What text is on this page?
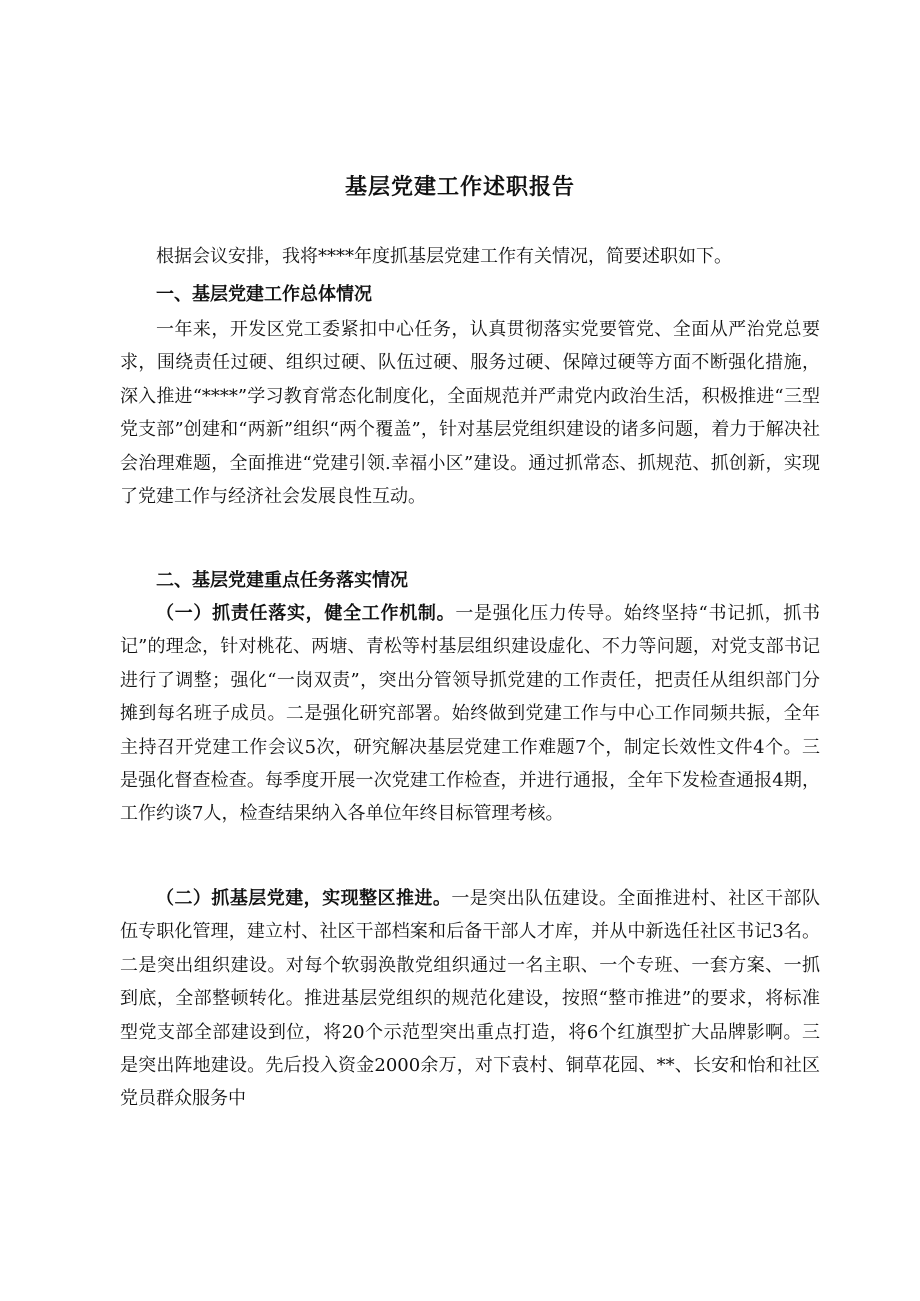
基层党建工作述职报告
根据会议安排，我将****年度抓基层党建工作有关情况，简要述职如下。
一、基层党建工作总体情况
一年来，开发区党工委紧扣中心任务，认真贯彻落实党要管党、全面从严治党总要求，围绕责任过硬、组织过硬、队伍过硬、服务过硬、保障过硬等方面不断强化措施，深入推进“****”学习教育常态化制度化，全面规范并严肃党内政治生活，积极推进“三型党支部”创建和“两新”组织“两个覆盖”，针对基层党组织建设的诸多问题，着力于解决社会治理难题，全面推进“党建引领.幸福小区”建设。通过抓常态、抓规范、抓创新，实现了党建工作与经济社会发展良性互动。
二、基层党建重点任务落实情况
（一）抓责任落实，健全工作机制。一是强化压力传导。始终坚持“书记抓，抓书记”的理念，针对桃花、两塘、青松等村基层组织建设虚化、不力等问题，对党支部书记进行了调整；强化“一岗双责”，突出分管领导抓党建的工作责任，把责任从组织部门分摊到每名班子成员。二是强化研究部署。始终做到党建工作与中心工作同频共振，全年主持召开党建工作会议5次，研究解决基层党建工作难题7个，制定长效性文件4个。三是强化督查检查。每季度开展一次党建工作检查，并进行通报，全年下发检查通报4期，工作约谈7人，检查结果纳入各单位年终目标管理考核。
（二）抓基层党建，实现整区推进。一是突出队伍建设。全面推进村、社区干部队伍专职化管理，建立村、社区干部档案和后备干部人才库，并从中新选任社区书记3名。二是突出组织建设。对每个软弱涣散党组织通过一名主职、一个专班、一套方案、一抓到底，全部整顿转化。推进基层党组织的规范化建设，按照“整市推进”的要求，将标准型党支部全部建设到位，将20个示范型突出重点打造，将6个红旗型扩大品牌影啊。三是突出阵地建设。先后投入资金2000余万，对下袁村、铜草花园、**、长安和怡和社区党员群众服务中
